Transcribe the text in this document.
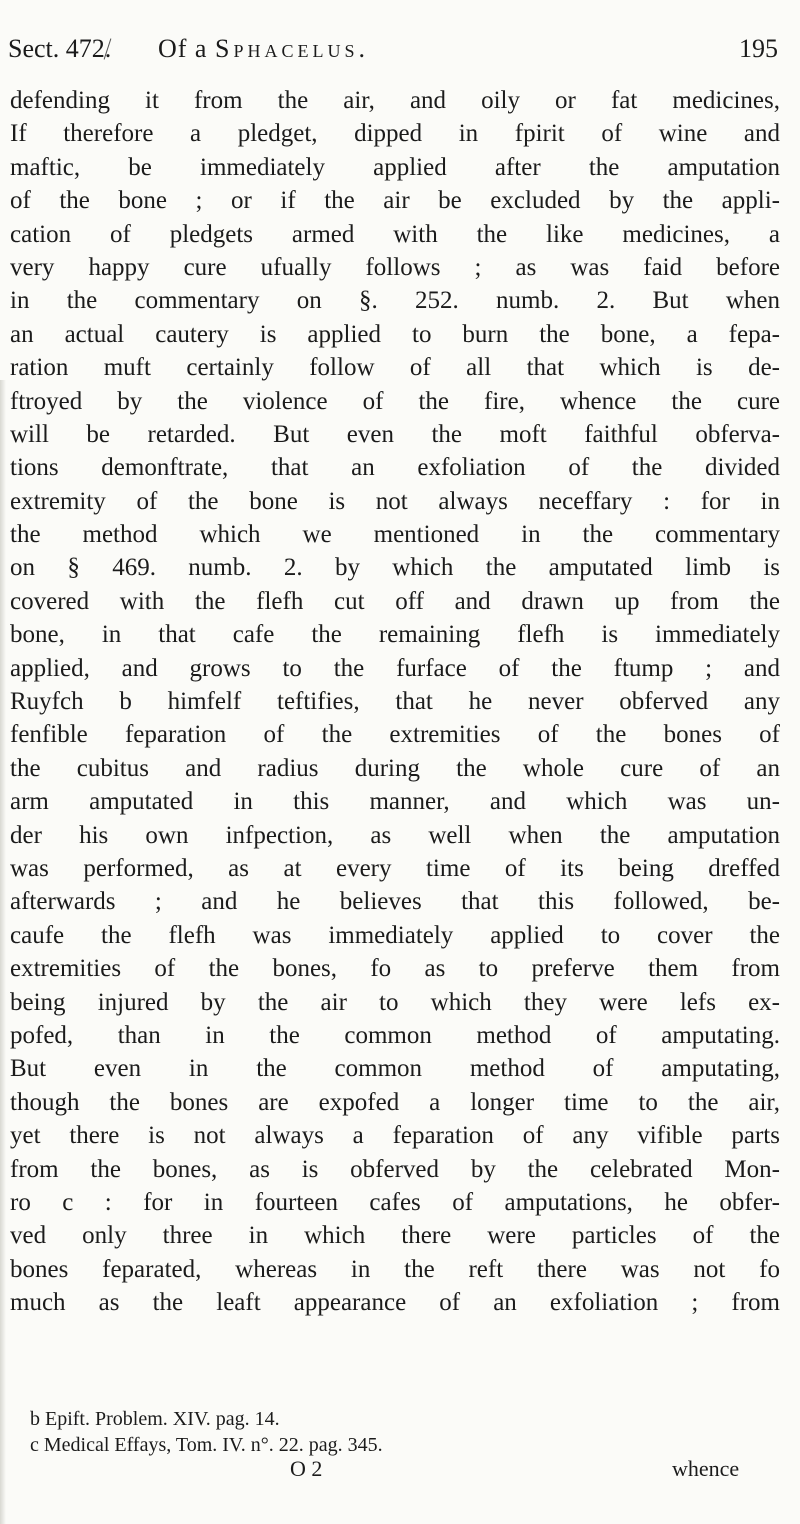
Sect. 472. Of a Sphacelus.	195
defending it from the air, and oily or fat medicines,
If therefore a pledget, dipped in fpirit of wine and
maftic, be immediately applied after the amputation
of the bone ; or if the air be excluded by the appli-
cation of pledgets armed with the like medicines, a
very happy cure ufually follows ; as was faid before
in the commentary on §. 252. numb. 2. But when
an actual cautery is applied to burn the bone, a fepa-
ration muft certainly follow of all that which is de-
ftroyed by the violence of the fire, whence the cure
will be retarded. But even the moft faithful obferva-
tions demonftrate, that an exfoliation of the divided
extremity of the bone is not always neceffary : for in
the method which we mentioned in the commentary
on § 469. numb. 2. by which the amputated limb is
covered with the flefh cut off and drawn up from the
bone, in that cafe the remaining flefh is immediately
applied, and grows to the furface of the ftump ; and
Ruyfch b himfelf teftifies, that he never obferved any
fenfible feparation of the extremities of the bones of
the cubitus and radius during the whole cure of an
arm amputated in this manner, and which was un-
der his own infpection, as well when the amputation
was performed, as at every time of its being dreffed
afterwards ; and he believes that this followed, be-
caufe the flefh was immediately applied to cover the
extremities of the bones, fo as to preferve them from
being injured by the air to which they were lefs ex-
pofed, than in the common method of amputating.
But even in the common method of amputating,
though the bones are expofed a longer time to the air,
yet there is not always a feparation of any vifible parts
from the bones, as is obferved by the celebrated Mon-
ro c : for in fourteen cafes of amputations, he obfer-
ved only three in which there were particles of the
bones feparated, whereas in the reft there was not fo
much as the leaft appearance of an exfoliation ; from
b Epift. Problem. XIV. pag. 14.
c Medical Effays, Tom. IV. n°. 22. pag. 345.
O 2	whence
